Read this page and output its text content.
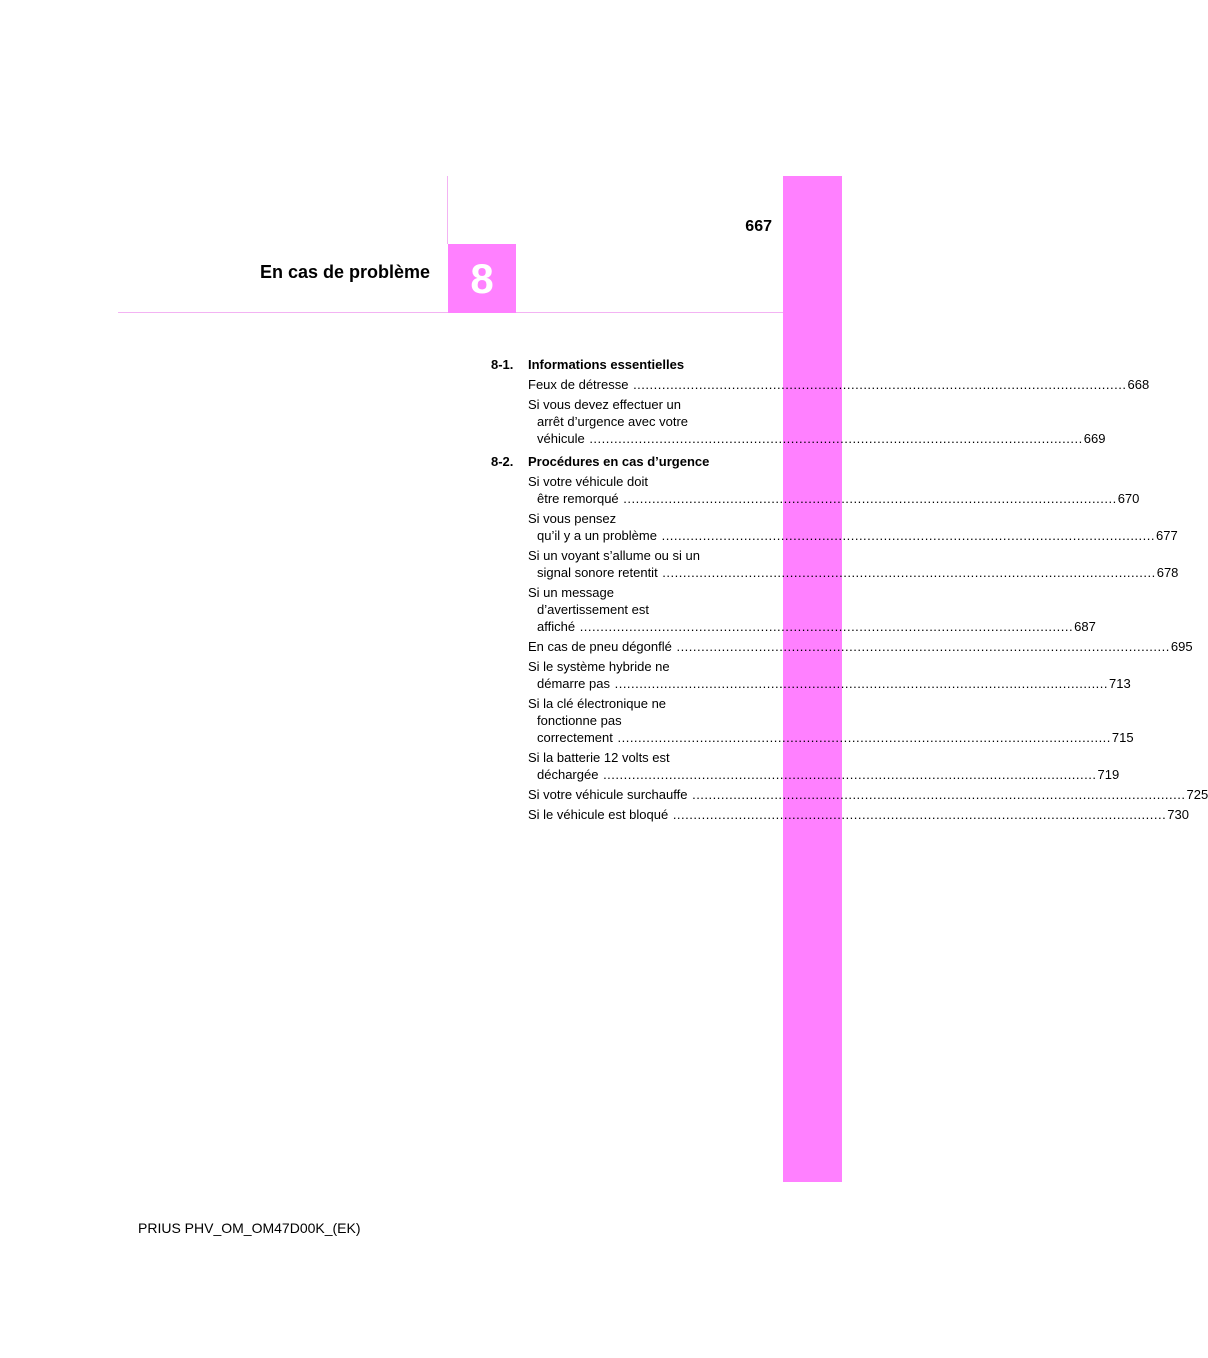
667
En cas de problème 8
8-1.	Informations essentielles
Feux de détresse ........................................................................................................................ 668
Si vous devez effectuer un
arrêt d’urgence avec votre
véhicule ........................................................................................................................ 669
8-2.	Procédures en cas d’urgence
Si votre véhicule doit
être remorqué ........................................................................................................................ 670
Si vous pensez
qu’il y a un problème ........................................................................................................................ 677
Si un voyant s’allume ou si un
signal sonore retentit ........................................................................................................................ 678
Si un message
d’avertissement est
affiché ........................................................................................................................ 687
En cas de pneu dégonflé ........................................................................................................................ 695
Si le système hybride ne
démarre pas ........................................................................................................................ 713
Si la clé électronique ne
fonctionne pas
correctement ........................................................................................................................ 715
Si la batterie 12 volts est
déchargée ........................................................................................................................ 719
Si votre véhicule surchauffe ........................................................................................................................ 725
Si le véhicule est bloqué ........................................................................................................................ 730
PRIUS PHV_OM_OM47D00K_(EK)
